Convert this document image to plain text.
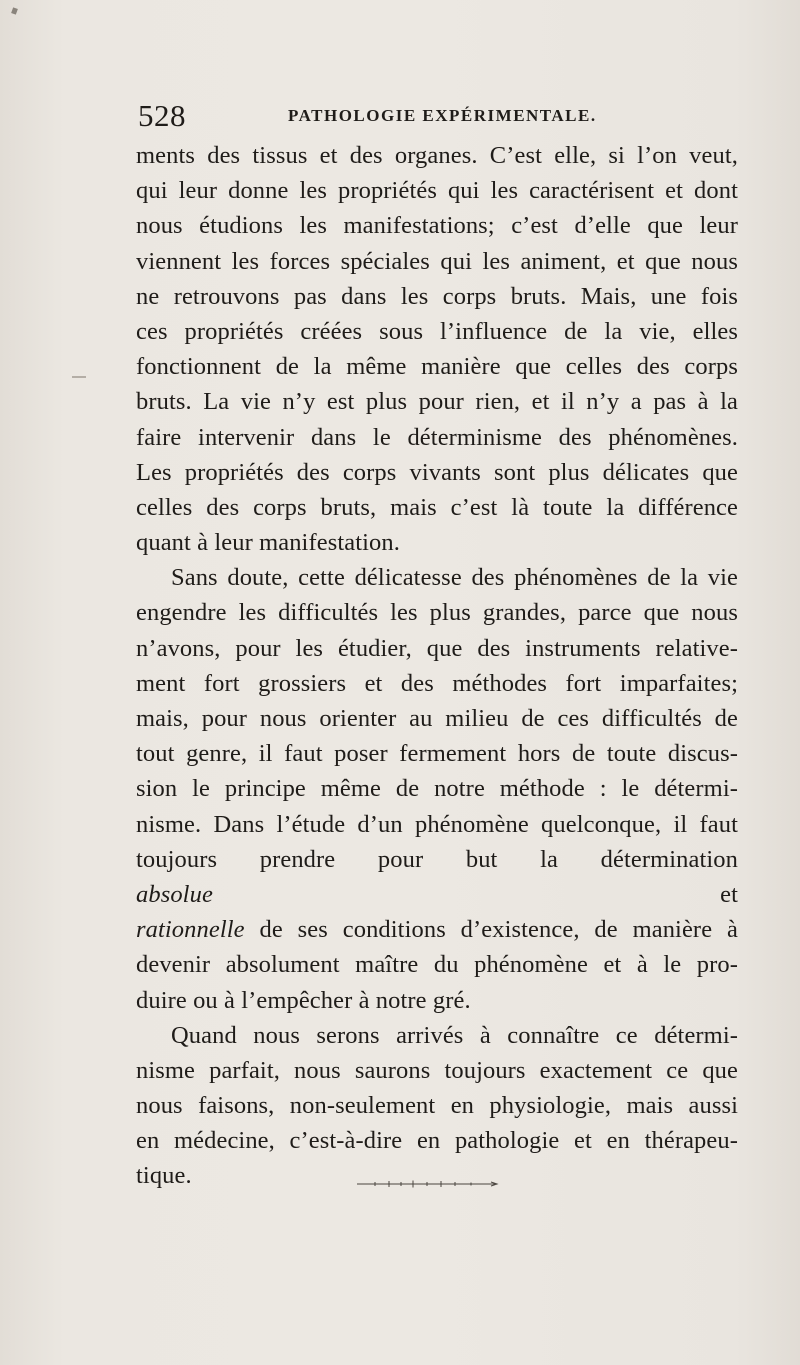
528	PATHOLOGIE EXPÉRIMENTALE.
ments des tissus et des organes. C’est elle, si l’on veut,
qui leur donne les propriétés qui les caractérisent et dont
nous étudions les manifestations; c’est d’elle que leur
viennent les forces spéciales qui les animent, et que nous
ne retrouvons pas dans les corps bruts. Mais, une fois
ces propriétés créées sous l’influence de la vie, elles
fonctionnent de la même manière que celles des corps
bruts. La vie n’y est plus pour rien, et il n’y a pas à la
faire intervenir dans le déterminisme des phénomènes.
Les propriétés des corps vivants sont plus délicates que
celles des corps bruts, mais c’est là toute la différence
quant à leur manifestation.
Sans doute, cette délicatesse des phénomènes de la vie
engendre les difficultés les plus grandes, parce que nous
n’avons, pour les étudier, que des instruments relative-
ment fort grossiers et des méthodes fort imparfaites;
mais, pour nous orienter au milieu de ces difficultés de
tout genre, il faut poser fermement hors de toute discus-
sion le principe même de notre méthode : le détermi-
nisme. Dans l’étude d’un phénomène quelconque, il faut
toujours prendre pour but la détermination
absolue	et
rationnelle de ses conditions d’existence, de manière à
devenir absolument maître du phénomène et à le pro-
duire ou à l’empêcher à notre gré.
Quand nous serons arrivés à connaître ce détermi-
nisme parfait, nous saurons toujours exactement ce que
nous faisons, non-seulement en physiologie, mais aussi
en médecine, c’est-à-dire en pathologie et en thérapeu-
tique.
